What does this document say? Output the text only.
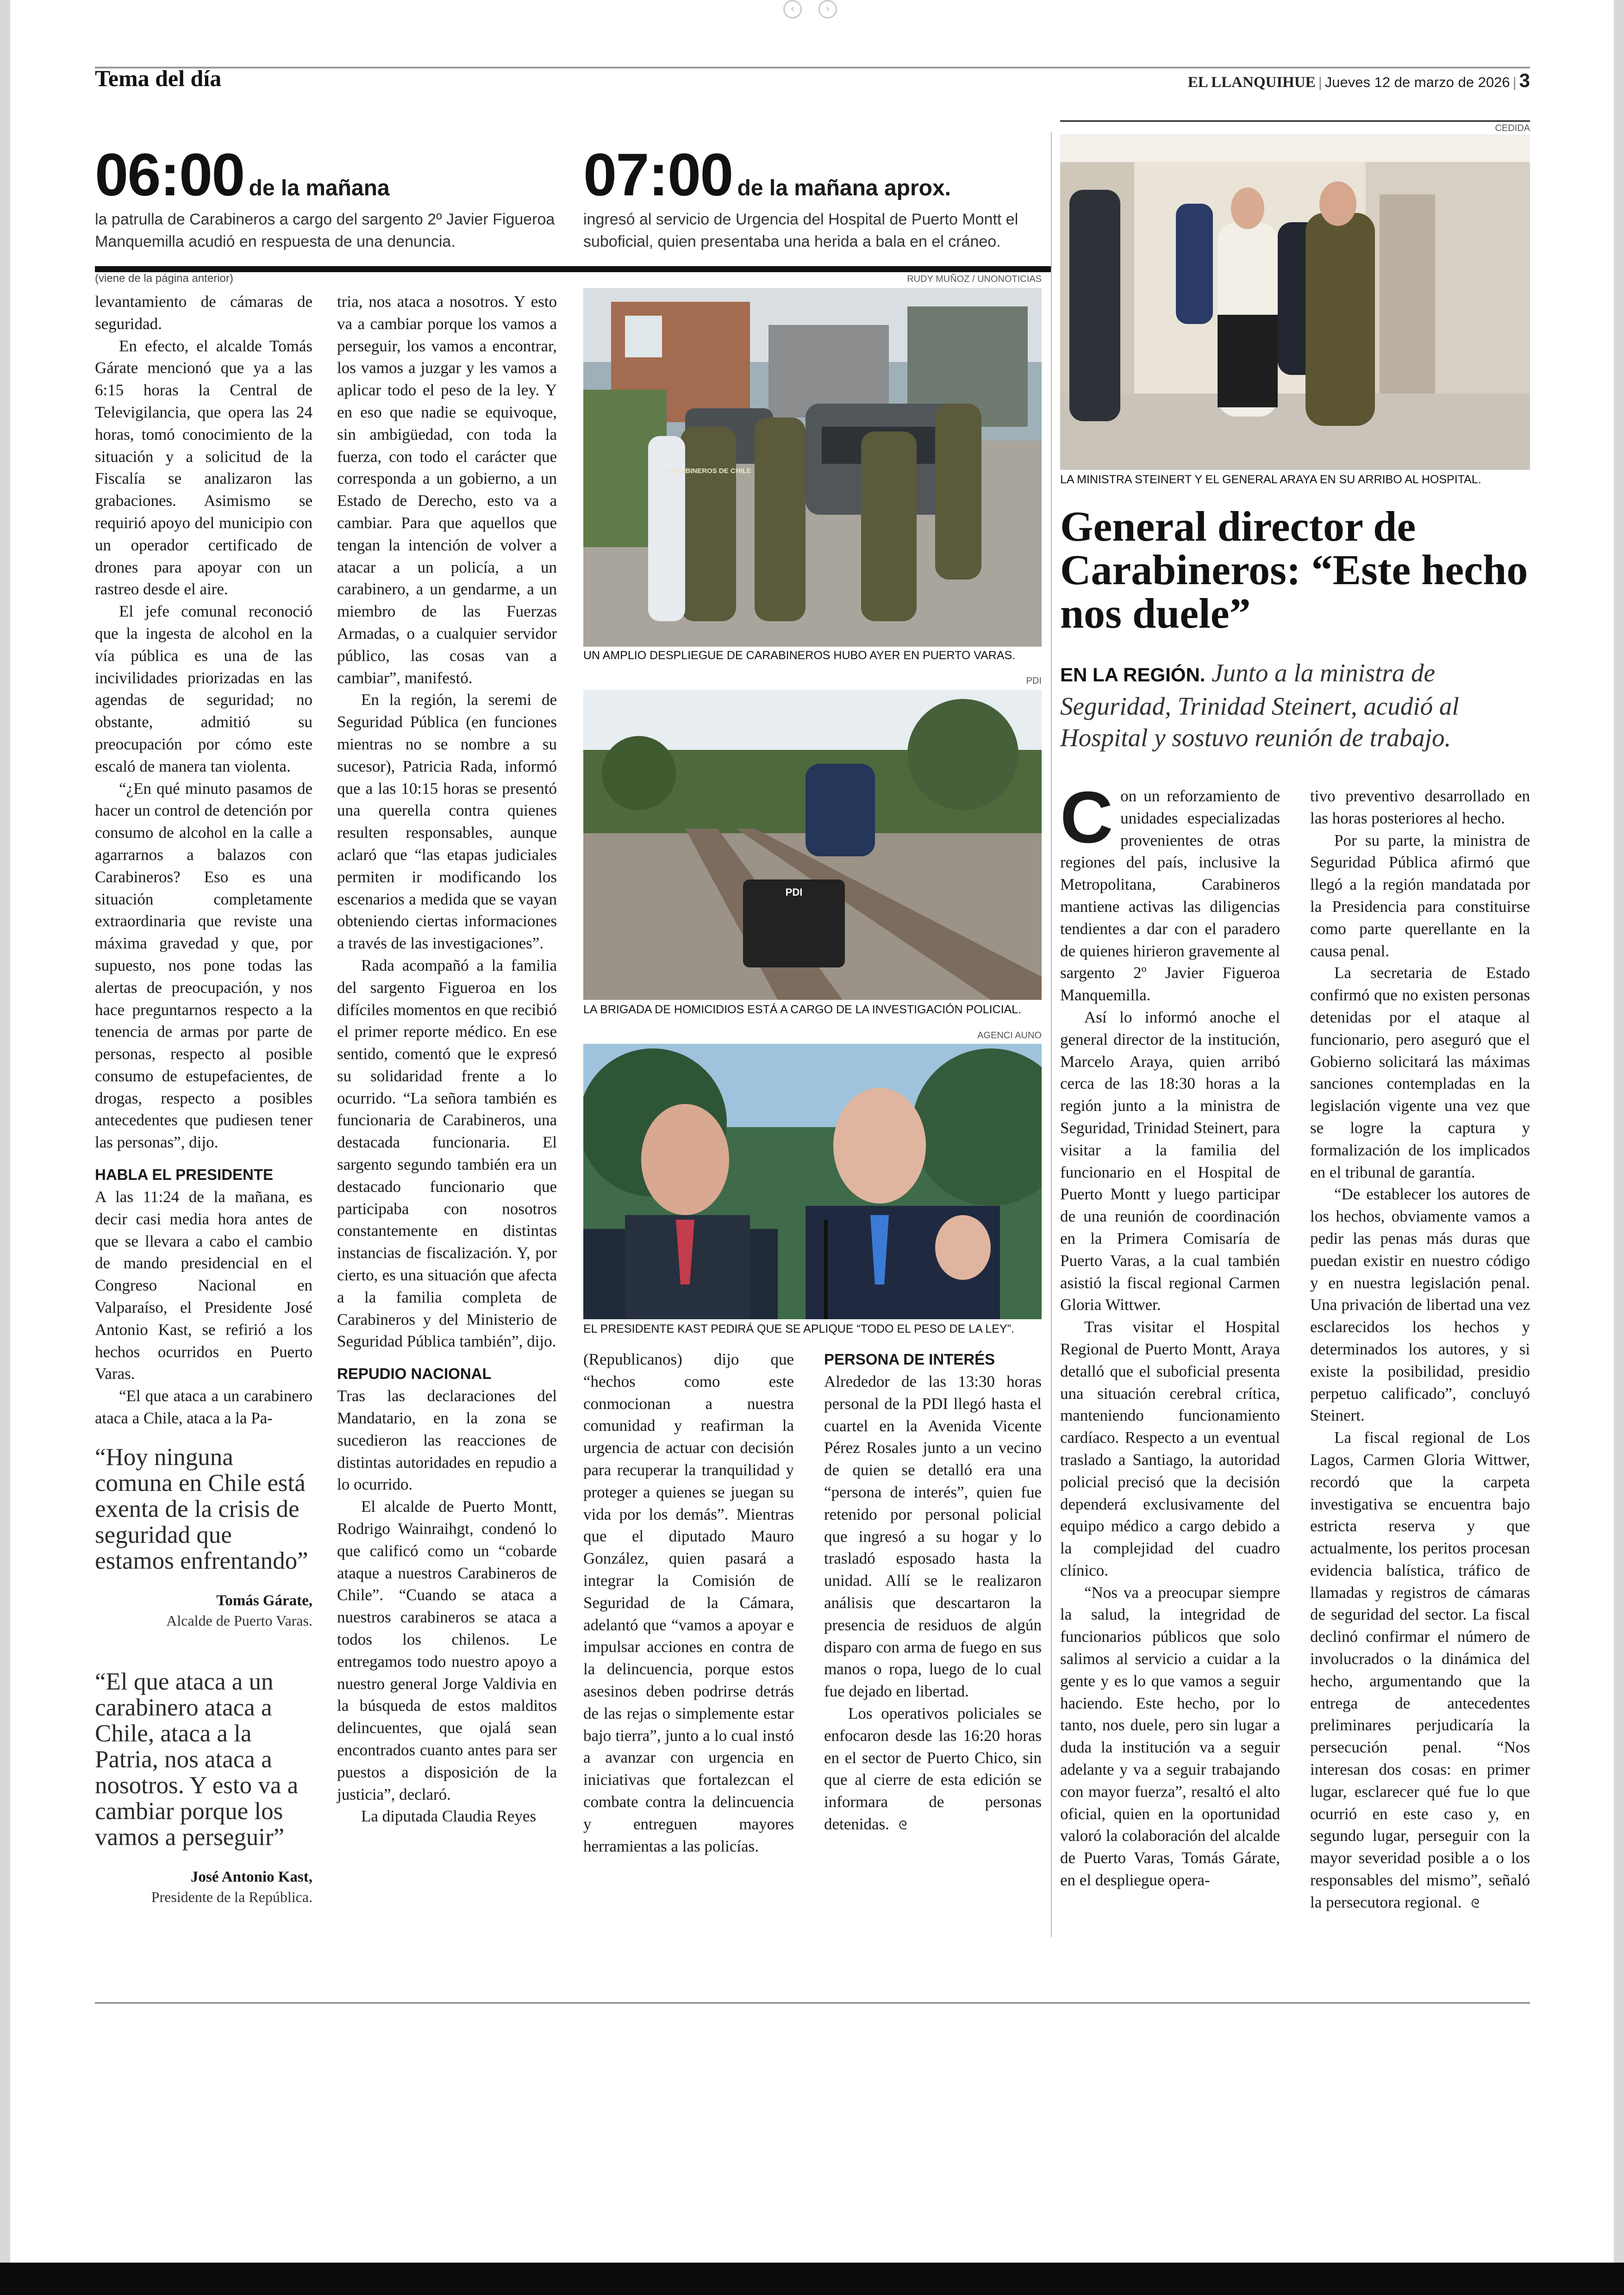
‹	›
Tema del día	EL LLANQUIHUE | Jueves 12 de marzo de 2026 | 3
06:00 de la mañana
la patrulla de Carabineros a cargo del sargento 2º Javier Figueroa Manquemilla acudió en respuesta de una denuncia.
07:00 de la mañana aprox.
ingresó al servicio de Urgencia del Hospital de Puerto Montt el suboficial, quien presentaba una herida a bala en el cráneo.
(viene de la página anterior)

levantamiento de cámaras de seguridad.

En efecto, el alcalde Tomás Gárate mencionó que ya a las 6:15 horas la Central de Televigilancia, que opera las 24 horas, tomó conocimiento de la situación y a solicitud de la Fiscalía se analizaron las grabaciones. Asimismo se requirió apoyo del municipio con un operador certificado de drones para apoyar con un rastreo desde el aire.

El jefe comunal reconoció que la ingesta de alcohol en la vía pública es una de las incivilidades priorizadas en las agendas de seguridad; no obstante, admitió su preocupación por cómo este escaló de manera tan violenta.

“¿En qué minuto pasamos de hacer un control de detención por consumo de alcohol en la calle a agarrarnos a balazos con Carabineros? Eso es una situación completamente extraordinaria que reviste una máxima gravedad y que, por supuesto, nos pone todas las alertas de preocupación, y nos hace preguntarnos respecto a la tenencia de armas por parte de personas, respecto al posible consumo de estupefacientes, de drogas, respecto a posibles antecedentes que pudiesen tener las personas”, dijo.

HABLA EL PRESIDENTE

A las 11:24 de la mañana, es decir casi media hora antes de que se llevara a cabo el cambio de mando presidencial en el Congreso Nacional en Valparaíso, el Presidente José Antonio Kast, se refirió a los hechos ocurridos en Puerto Varas.

“El que ataca a un carabinero ataca a Chile, ataca a la Pa-

“Hoy ninguna comuna en Chile está exenta de la crisis de seguridad que estamos enfrentando”
Tomás Gárate,
Alcalde de Puerto Varas.
“El que ataca a un carabinero ataca a Chile, ataca a la Patria, nos ataca a nosotros. Y esto va a cambiar porque los vamos a perseguir”
José Antonio Kast,
Presidente de la República.

tria, nos ataca a nosotros. Y esto va a cambiar porque los vamos a perseguir, los vamos a encontrar, los vamos a juzgar y les vamos a aplicar todo el peso de la ley. Y en eso que nadie se equivoque, sin ambigüedad, con toda la fuerza, con todo el carácter que corresponda a un gobierno, a un Estado de Derecho, esto va a cambiar. Para que aquellos que tengan la intención de volver a atacar a un policía, a un carabinero, a un gendarme, a un miembro de las Fuerzas Armadas, o a cualquier servidor público, las cosas van a cambiar”, manifestó.

En la región, la seremi de Seguridad Pública (en funciones mientras no se nombre a su sucesor), Patricia Rada, informó que a las 10:15 horas se presentó una querella contra quienes resulten responsables, aunque aclaró que “las etapas judiciales permiten ir modificando los escenarios a medida que se vayan obteniendo ciertas informaciones a través de las investigaciones”.

Rada acompañó a la familia del sargento Figueroa en los difíciles momentos en que recibió el primer reporte médico. En ese sentido, comentó que le expresó su solidaridad frente a lo ocurrido. “La señora también es funcionaria de Carabineros, una destacada funcionaria. El sargento segundo también era un destacado funcionario que participaba con nosotros constantemente en distintas instancias de fiscalización. Y, por cierto, es una situación que afecta a la familia completa de Carabineros y del Ministerio de Seguridad Pública también”, dijo.

REPUDIO NACIONAL

Tras las declaraciones del Mandatario, en la zona se sucedieron las reacciones de distintas autoridades en repudio a lo ocurrido.

El alcalde de Puerto Montt, Rodrigo Wainraihgt, condenó lo que calificó como un “cobarde ataque a nuestros Carabineros de Chile”. “Cuando se ataca a nuestros carabineros se ataca a todos los chilenos. Le entregamos todo nuestro apoyo a nuestro general Jorge Valdivia en la búsqueda de estos malditos delincuentes, que ojalá sean encontrados cuanto antes para ser puestos a disposición de la justicia”, declaró.

La diputada Claudia Reyes

RUDY MUÑOZ / UNONOTICIAS
CARABINEROS DE CHILE
UN AMPLIO DESPLIEGUE DE CARABINEROS HUBO AYER EN PUERTO VARAS.
PDI
PDI
LA BRIGADA DE HOMICIDIOS ESTÁ A CARGO DE LA INVESTIGACIÓN POLICIAL.
AGENCI AUNO
EL PRESIDENTE KAST PEDIRÁ QUE SE APLIQUE “TODO EL PESO DE LA LEY”.

(Republicanos) dijo que “hechos como este conmocionan a nuestra comunidad y reafirman la urgencia de actuar con decisión para recuperar la tranquilidad y proteger a quienes se juegan su vida por los demás”. Mientras que el diputado Mauro González, quien pasará a integrar la Comisión de Seguridad de la Cámara, adelantó que “vamos a apoyar e impulsar acciones en contra de la delincuencia, porque estos asesinos deben podrirse detrás de las rejas o simplemente estar bajo tierra”, junto a lo cual instó a avanzar con urgencia en iniciativas que fortalezcan el combate contra la delincuencia y entreguen mayores herramientas a las policías.

PERSONA DE INTERÉS

Alrededor de las 13:30 horas personal de la PDI llegó hasta el cuartel en la Avenida Vicente Pérez Rosales junto a un vecino de quien se detalló era una “persona de interés”, quien fue retenido por personal policial que ingresó a su hogar y lo trasladó esposado hasta la unidad. Allí se le realizaron análisis que descartaron la presencia de residuos de algún disparo con arma de fuego en sus manos o ropa, luego de lo cual fue dejado en libertad.

Los operativos policiales se enfocaron desde las 16:20 horas en el sector de Puerto Chico, sin que al cierre de esta edición se informara de personas detenidas. ᘓ

CEDIDA
LA MINISTRA STEINERT Y EL GENERAL ARAYA EN SU ARRIBO AL HOSPITAL.
General director de Carabineros: “Este hecho nos duele”
EN LA REGIÓN. Junto a la ministra de Seguridad, Trinidad Steinert, acudió al Hospital y sostuvo reunión de trabajo.

Con un reforzamiento de unidades especializadas provenientes de otras regiones del país, inclusive la Metropolitana, Carabineros mantiene activas las diligencias tendientes a dar con el paradero de quienes hirieron gravemente al sargento 2º Javier Figueroa Manquemilla.

Así lo informó anoche el general director de la institución, Marcelo Araya, quien arribó cerca de las 18:30 horas a la región junto a la ministra de Seguridad, Trinidad Steinert, para visitar a la familia del funcionario en el Hospital de Puerto Montt y luego participar de una reunión de coordinación en la Primera Comisaría de Puerto Varas, a la cual también asistió la fiscal regional Carmen Gloria Wittwer.

Tras visitar el Hospital Regional de Puerto Montt, Araya detalló que el suboficial presenta una situación cerebral crítica, manteniendo funcionamiento cardíaco. Respecto a un eventual traslado a Santiago, la autoridad policial precisó que la decisión dependerá exclusivamente del equipo médico a cargo debido a la complejidad del cuadro clínico.

“Nos va a preocupar siempre la salud, la integridad de funcionarios públicos que solo salimos al servicio a cuidar a la gente y es lo que vamos a seguir haciendo. Este hecho, por lo tanto, nos duele, pero sin lugar a duda la institución va a seguir adelante y va a seguir trabajando con mayor fuerza”, resaltó el alto oficial, quien en la oportunidad valoró la colaboración del alcalde de Puerto Varas, Tomás Gárate, en el despliegue opera-

tivo preventivo desarrollado en las horas posteriores al hecho.

Por su parte, la ministra de Seguridad Pública afirmó que llegó a la región mandatada por la Presidencia para constituirse como parte querellante en la causa penal.

La secretaria de Estado confirmó que no existen personas detenidas por el ataque al funcionario, pero aseguró que el Gobierno solicitará las máximas sanciones contempladas en la legislación vigente una vez que se logre la captura y formalización de los implicados en el tribunal de garantía.

“De establecer los autores de los hechos, obviamente vamos a pedir las penas más duras que puedan existir en nuestro código y en nuestra legislación penal. Una privación de libertad una vez esclarecidos los hechos y determinados los autores, y si existe la posibilidad, presidio perpetuo calificado”, concluyó Steinert.

La fiscal regional de Los Lagos, Carmen Gloria Wittwer, recordó que la carpeta investigativa se encuentra bajo estricta reserva y que actualmente, los peritos procesan evidencia balística, tráfico de llamadas y registros de cámaras de seguridad del sector. La fiscal declinó confirmar el número de involucrados o la dinámica del hecho, argumentando que la entrega de antecedentes preliminares perjudicaría la persecución penal. “Nos interesan dos cosas: en primer lugar, esclarecer qué fue lo que ocurrió en este caso y, en segundo lugar, perseguir con la mayor severidad posible a o los responsables del mismo”, señaló la persecutora regional. ᘓ
